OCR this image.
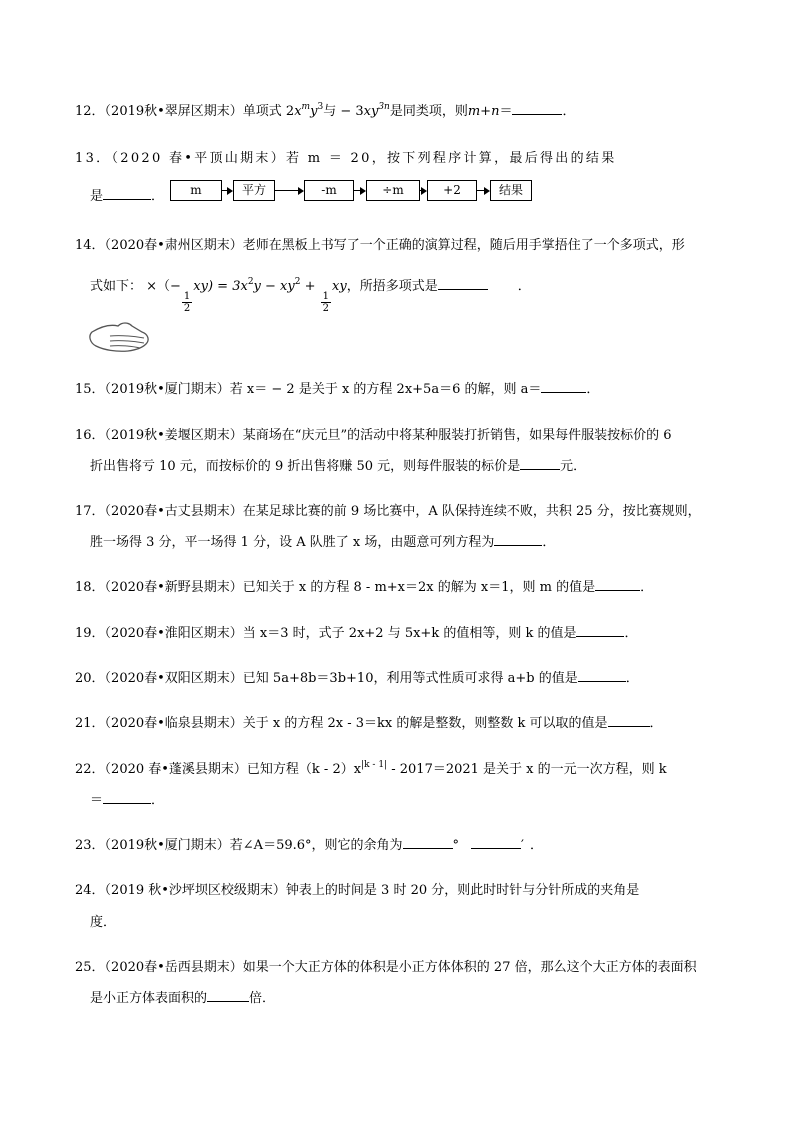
12．（2019秋•翠屏区期末）单项式 $2x^my^3$与 − $3xy^{3n}$是同类项，则m+n＝	．
13．（2020 春•平顶山期末）若 m ＝ 20，按下列程序计算，最后得出的结果
是	．	m	平方	-m	÷m	+2	结果
14．（2020春•肃州区期末）老师在黑板上书写了一个正确的演算过程，随后用手掌捂住了一个多项式，形
式如下： ×（−
$\frac{1}{2}$
$xy) = 3x^2y - xy^2$ +
$\frac{1}{2}$
xy，所捂多项式是	．
15．（2019秋•厦门期末）若 x＝ − 2 是关于 x 的方程 2x+5a＝6 的解，则 a＝	．
16．（2019秋•姜堰区期末）某商场在“庆元旦”的活动中将某种服装打折销售，如果每件服装按标价的 6
折出售将亏 10 元，而按标价的 9 折出售将赚 50 元，则每件服装的标价是	元．
17．（2020春•古丈县期末）在某足球比赛的前 9 场比赛中，A 队保持连续不败，共积 25 分，按比赛规则，
胜一场得 3 分，平一场得 1 分，设 A 队胜了 x 场，由题意可列方程为	．
18．（2020春•新野县期末）已知关于 x 的方程 8 - m+x＝2x 的解为 x＝1，则 m 的值是	．
19．（2020春•淮阳区期末）当 x＝3 时，式子 2x+2 与 5x+k 的值相等，则 k 的值是	．
20．（2020春•双阳区期末）已知 5a+8b＝3b+10，利用等式性质可求得 a+b 的值是	．
21．（2020春•临泉县期末）关于 x 的方程 2x - 3＝kx 的解是整数，则整数 k 可以取的值是	．
22．（2020 春•蓬溪县期末）已知方程$(k - 2)x^{|k - 1|} - 2017=2021$ 是关于 x 的一元一次方程，则 k
＝	．
23．（2019秋•厦门期末）若∠A＝59.6°，则它的余角为	°	′ ．
24．（2019 秋•沙坪坝区校级期末）钟表上的时间是 3 时 20 分，则此时时针与分针所成的夹角是
度．
25．（2020春•岳西县期末）如果一个大正方体的体积是小正方体体积的 27 倍，那么这个大正方体的表面积
是小正方体表面积的	倍．
